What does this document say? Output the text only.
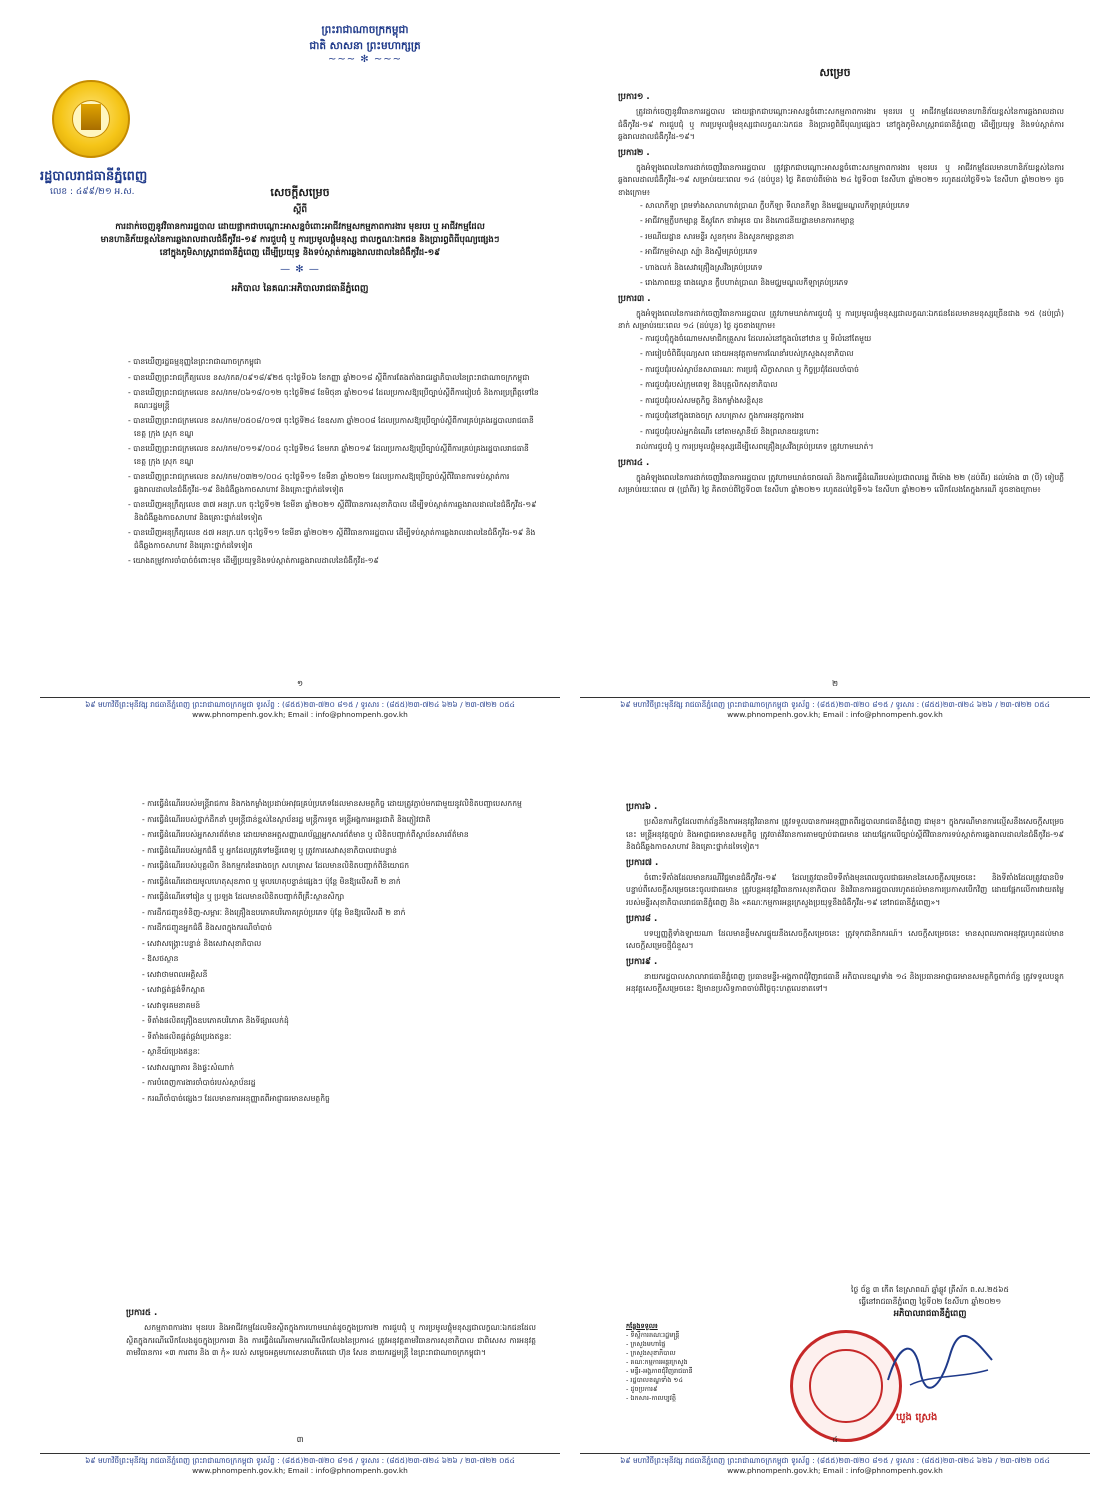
ព្រះរាជាណាចក្រកម្ពុជា
ជាតិ សាសនា ព្រះមហាក្សត្រ
~~~ ✻ ~~~
រដ្ឋបាលរាជធានីភ្នំពេញ
លេខ : ៤៩៩/២១ អ.ស.	សេចក្តីសម្រេច
ស្តីពី
ការដាក់ចេញនូវវិធានការរដ្ឋបាល ដោយផ្អាកជាបណ្តោះអាសន្នចំពោះអាជីវកម្មសកម្មភាពការងារ មុខរបរ ឬ អាជីវកម្មដែលមានហានិភ័យខ្ពស់នៃការឆ្លងរាលដាលជំងឺកូវីដ-១៩ ការជួបជុំ ឬ ការប្រមូលផ្តុំមនុស្ស ជាលក្ខណៈ​ឯកជន និងប្រារព្ធពិធីបុណ្យផ្សេងៗ នៅក្នុងភូមិសាស្ត្ររាជធានីភ្នំពេញ ដើម្បីប្រយុទ្ធ និងទប់ស្កាត់ការឆ្លងរាលដាលនៃជំងឺកូវីដ-១៩
— ✻ —
អភិបាល នៃគណៈអភិបាលរាជធានីភ្នំពេញ
- បានឃើញរដ្ឋធម្មនុញ្ញនៃព្រះរាជាណាចក្រកម្ពុជា
- បានឃើញព្រះរាជក្រឹត្យលេខ នស/រកត/០៩១៨/៩២៥ ចុះថ្ងៃទី០៦ ខែកញ្ញា ឆ្នាំ២០១៨ ស្តីពីការតែងតាំងរាជរដ្ឋាភិបាលនៃព្រះរាជាណាចក្រកម្ពុជា
- បានឃើញព្រះរាជក្រមលេខ នស/រកម/០៦១៨/០១២ ចុះថ្ងៃទី២៨ ខែមិថុនា ឆ្នាំ២០១៨ ដែលប្រកាសឱ្យប្រើច្បាប់ស្តីពីការរៀបចំ និងការប្រព្រឹត្តទៅនៃគណៈរដ្ឋមន្ត្រី
- បានឃើញព្រះរាជក្រមលេខ នស/រកម/០៥០៨/០១៧ ចុះថ្ងៃទី២៤ ខែឧសភា ឆ្នាំ២០០៨ ដែលប្រកាសឱ្យប្រើច្បាប់ស្តីពីការគ្រប់គ្រងរដ្ឋបាលរាជធានី ខេត្ត ក្រុង ស្រុក ខណ្ឌ
- បានឃើញព្រះរាជក្រមលេខ នស/រកម/០១១៩/០០៤ ចុះថ្ងៃទី២៤ ខែមករា ឆ្នាំ២០១៩ ដែលប្រកាសឱ្យប្រើច្បាប់ស្តីពីការគ្រប់គ្រងរដ្ឋបាលរាជធានី ខេត្ត ក្រុង ស្រុក ខណ្ឌ
- បានឃើញព្រះរាជក្រមលេខ នស/រកម/០៣២១/០០៤ ចុះថ្ងៃទី១១ ខែមីនា ឆ្នាំ២០២១ ដែលប្រកាសឱ្យប្រើច្បាប់ស្តីពីវិធានការទប់ស្កាត់ការឆ្លងរាលដាលនៃជំងឺកូវីដ-១៩ និងជំងឺឆ្លងកាចសាហាវ និងគ្រោះថ្នាក់ដទៃទៀត
- បានឃើញអនុក្រឹត្យលេខ ៣៧ អនក្រ.បក ចុះថ្ងៃទី១២ ខែមីនា ឆ្នាំ២០២១ ស្តីពីវិធានការសុខាភិបាល ដើម្បីទប់ស្កាត់ការឆ្លងរាលដាលនៃជំងឺកូវីដ-១៩ និងជំងឺឆ្លងកាចសាហាវ និងគ្រោះថ្នាក់ដទៃទៀត
- បានឃើញអនុក្រឹត្យលេខ ៥៧ អនក្រ.បក ចុះថ្ងៃទី១១ ខែមីនា ឆ្នាំ២០២១ ស្តីពីវិធានការរដ្ឋបាល ដើម្បីទប់ស្កាត់ការឆ្លងរាលដាលនៃជំងឺកូវីដ-១៩ និងជំងឺឆ្លងកាចសាហាវ និងគ្រោះថ្នាក់ដទៃទៀត
- យោងតម្រូវការចាំបាច់ចំពោះមុខ ដើម្បីប្រយុទ្ធនិងទប់ស្កាត់ការឆ្លងរាលដាលនៃជំងឺកូវីដ-១៩
១
៦៩ មហាវិថីព្រះមុនីវង្ស រាជធានីភ្នំពេញ ព្រះរាជាណាចក្រកម្ពុជា ទូរស័ព្ទ : (៨៥៥)២៣-៧២០ ៨១៥ / ទូរសារ : (៨៥៥)២៣-៧២៤ ៦២៦ / ២៣-៧២២ ០៥៤
www.phnompenh.gov.kh; Email : info@phnompenh.gov.kh
សម្រេច
ប្រការ១ .
ត្រូវដាក់ចេញនូវវិធានការរដ្ឋបាល ដោយផ្អាកជាបណ្តោះអាសន្នចំពោះសកម្មភាពការងារ មុខរបរ ឬ អាជីវកម្មដែលមានហានិភ័យខ្ពស់នៃការឆ្លងរាលដាលជំងឺកូវីដ-១៩ ការជួបជុំ ឬ ការប្រមូលផ្តុំមនុស្សជាលក្ខណៈឯកជន និងប្រារព្ធពិធីបុណ្យផ្សេងៗ នៅក្នុងភូមិសាស្ត្ររាជធានីភ្នំពេញ ដើម្បីប្រយុទ្ធ និងទប់ស្កាត់ការឆ្លងរាលដាលជំងឺកូវីដ-១៩។
ប្រការ២ .
ក្នុងអំឡុងពេលនៃការដាក់ចេញវិធានការរដ្ឋបាល ត្រូវផ្អាកជាបណ្តោះអាសន្នចំពោះសកម្មភាពការងារ មុខរបរ ឬ អាជីវកម្មដែលមានហានិភ័យខ្ពស់នៃការឆ្លងរាលដាលជំងឺកូវីដ-១៩ សម្រាប់រយៈពេល ១៤ (ដប់បួន) ថ្ងៃ គិតចាប់ពីម៉ោង ២៤ ថ្ងៃទី០៣ ខែសីហា ឆ្នាំ២០២១ រហូតដល់ថ្ងៃទី១៦ ខែសីហា ឆ្នាំ២០២១ ដូចខាងក្រោម៖
- សាលាកីឡា ព្រមទាំងសាលាហាត់ប្រាណ ក្លឹបកីឡា ទីលានកីឡា និងមជ្ឈមណ្ឌលកីឡាគ្រប់ប្រភេទ
- អាជីវកម្មក្លឹបកម្សាន្ត ឌីស្កូតែក ខារ៉ាអូខេ បារ និងភោជនីយដ្ឋានមានការកម្សាន្ត
- រមណីយដ្ឋាន សារមន្ទីរ សួនកុមារ និងសួនកម្សាន្តនានា
- អាជីវកម្មម៉ាស្សា ស្ប៉ា និងស្ទីមគ្រប់ប្រភេទ
- ហាងលក់ និងសេវាគ្រឿងស្រវឹងគ្រប់ប្រភេទ
- រោងភាពយន្ត រោងល្ខោន ក្លឹបហាត់ប្រាណ និងមជ្ឈមណ្ឌលកីឡាគ្រប់ប្រភេទ
ប្រការ៣ .
ក្នុងអំឡុងពេលនៃការដាក់ចេញវិធានការរដ្ឋបាល ត្រូវហាមឃាត់ការជួបជុំ ឬ ការប្រមូលផ្តុំមនុស្សជាលក្ខណៈឯកជនដែលមានមនុស្សច្រើនជាង ១៥ (ដប់ប្រាំ) នាក់ សម្រាប់រយៈពេល ១៤ (ដប់បួន) ថ្ងៃ ដូចខាងក្រោម៖
- ការជួបជុំក្នុងចំណោមសមាជិកគ្រួសារ ដែលរស់នៅក្នុងលំនៅឋាន ឬ ទីលំនៅតែមួយ
- ការរៀបចំពិធីបុណ្យសព ដោយអនុវត្តតាមការណែនាំរបស់ក្រសួងសុខាភិបាល
- ការជួបជុំរបស់ស្ថាប័នសាធារណៈ ការប្រជុំ សិក្ខាសាលា ឬ កិច្ចប្រជុំដែលចាំបាច់
- ការជួបជុំរបស់ក្រុមពេទ្យ និងបុគ្គលិកសុខាភិបាល
- ការជួបជុំរបស់សមត្ថកិច្ច និងកម្លាំងសន្តិសុខ
- ការជួបជុំនៅក្នុងរោងចក្រ សហគ្រាស ក្នុងការអនុវត្តការងារ
- ការជួបជុំរបស់អ្នកដំណើរ នៅតាមស្ថានីយ៍ និងព្រលានយន្តហោះ
រាល់ការជួបជុំ ឬ ការប្រមូលផ្តុំមនុស្សដើម្បីសេពគ្រឿងស្រវឹងគ្រប់ប្រភេទ ត្រូវហាមឃាត់។
ប្រការ៤ .
ក្នុងអំឡុងពេលនៃការដាក់ចេញវិធានការរដ្ឋបាល ត្រូវហាមឃាត់ចរាចរណ៍ និងការធ្វើដំណើររបស់ប្រជាពលរដ្ឋ ពីម៉ោង ២២ (ដប់ពីរ) ដល់ម៉ោង ៣ (បី) ទៀបភ្លឺ សម្រាប់រយៈពេល ៧ (ប្រាំពីរ) ថ្ងៃ គិតចាប់ពីថ្ងៃទី០៣ ខែសីហា ឆ្នាំ២០២១ រហូតដល់ថ្ងៃទី១៦ ខែសីហា ឆ្នាំ២០២១ លើកលែងតែក្នុងករណី ដូចខាងក្រោម៖
២
៦៩ មហាវិថីព្រះមុនីវង្ស រាជធានីភ្នំពេញ ព្រះរាជាណាចក្រកម្ពុជា ទូរស័ព្ទ : (៨៥៥)២៣-៧២០ ៨១៥ / ទូរសារ : (៨៥៥)២៣-៧២៤ ៦២៦ / ២៣-៧២២ ០៥៤
www.phnompenh.gov.kh; Email : info@phnompenh.gov.kh
- ការធ្វើដំណើររបស់មន្ត្រីរាជការ និងកងកម្លាំងប្រដាប់អាវុធគ្រប់ប្រភេទដែលមានសមត្ថកិច្ច ដោយត្រូវភ្ជាប់មកជាមួយនូវលិខិតបញ្ជាបេសកកម្ម
- ការធ្វើដំណើររបស់ថ្នាក់ដឹកនាំ ឬមន្ត្រីជាន់ខ្ពស់នៃស្ថាប័នរដ្ឋ មន្ត្រីការទូត មន្ត្រីអង្គការអន្តរជាតិ និងភ្ញៀវជាតិ
- ការធ្វើដំណើររបស់អ្នកសារព័ត៌មាន ដោយមានអត្តសញ្ញាណប័ណ្ណអ្នកសារព័ត៌មាន ឬ លិខិតបញ្ជាក់ពីស្ថាប័នសារព័ត៌មាន
- ការធ្វើដំណើររបស់អ្នកជំងឺ ឬ អ្នកដែលត្រូវទៅមន្ទីរពេទ្យ ឬ ត្រូវការសេវាសុខាភិបាលជាបន្ទាន់
- ការធ្វើដំណើររបស់បុគ្គលិក និងកម្មករនៃរោងចក្រ សហគ្រាស ដែលមានលិខិតបញ្ជាក់ពីនិយោជក
- ការធ្វើដំណើរដោយមូលហេតុសុខភាព ឬ មូលហេតុបន្ទាន់ផ្សេងៗ ប៉ុន្តែ មិនឱ្យលើសពី ២ នាក់
- ការធ្វើដំណើរទៅរៀន ឬ ប្រឡង ដែលមានលិខិតបញ្ជាក់ពីគ្រឹះស្ថានសិក្សា
- ការដឹកជញ្ជូនទំនិញ-សម្ភារៈ និងគ្រឿងឧបភោគបរិភោគគ្រប់ប្រភេទ ប៉ុន្តែ មិនឱ្យលើសពី ២ នាក់
- ការដឹកជញ្ជូនអ្នកជំងឺ និងសពក្នុងករណីចាំបាច់
- សេវាសង្គ្រោះបន្ទាន់ និងសេវាសុខាភិបាល
- ឱសថស្ថាន
- សេវាថាមពលអគ្គិសនី
- សេវាផ្គត់ផ្គង់ទឹកស្អាត
- សេវាទូរគមនាគមន៍
- ទីតាំងផលិតគ្រឿងឧបភោគបរិភោគ និងទីផ្សារលក់ដុំ
- ទីតាំងផលិតផ្គត់ផ្គង់ប្រេងឥន្ធនៈ
- ស្ថានីយ៍ប្រេងឥន្ធនៈ
- សេវាសណ្ឋាគារ និងផ្ទះសំណាក់
- ការបំពេញការងារចាំបាច់របស់ស្ថាប័នរដ្ឋ
- ករណីចាំបាច់ផ្សេងៗ ដែលមានការអនុញ្ញាតពីអាជ្ញាធរមានសមត្ថកិច្ច
ប្រការ៥ .
សកម្មភាពការងារ មុខរបរ និងអាជីវកម្មដែលមិនស្ថិតក្នុងការហាមឃាត់ដូចក្នុងប្រការ២ ការជួបជុំ ឬ ការប្រមូលផ្តុំមនុស្សជាលក្ខណៈឯកជនដែលស្ថិតក្នុងករណីលើកលែងដូចក្នុងប្រការ៣ និង ការធ្វើដំណើរតាមករណីលើកលែងនៃប្រការ៤ ត្រូវអនុវត្តតាមវិធានការសុខាភិបាល ជាពិសេស ការអនុវត្តតាមវិធានការ «៣ ការពារ និង ៣ កុំ» របស់ សម្តេចអគ្គមហាសេនាបតីតេជោ ហ៊ុន សែន នាយករដ្ឋមន្ត្រី នៃព្រះរាជាណាចក្រកម្ពុជា។
៣
៦៩ មហាវិថីព្រះមុនីវង្ស រាជធានីភ្នំពេញ ព្រះរាជាណាចក្រកម្ពុជា ទូរស័ព្ទ : (៨៥៥)២៣-៧២០ ៨១៥ / ទូរសារ : (៨៥៥)២៣-៧២៤ ៦២៦ / ២៣-៧២២ ០៥៤
www.phnompenh.gov.kh; Email : info@phnompenh.gov.kh
ប្រការ៦ .
ប្រសិនការកិច្ចដែលពាក់ព័ន្ធនឹងការអនុវត្តវិធានការ ត្រូវទទួលបានការអនុញ្ញាតពីរដ្ឋបាលរាជធានីភ្នំពេញ ជាមុន។ ក្នុងករណីមានការល្មើសនឹងសេចក្តីសម្រេចនេះ មន្ត្រីអនុវត្តច្បាប់ និងអាជ្ញាធរមានសមត្ថកិច្ច ត្រូវចាត់វិធានការតាមច្បាប់ជាធរមាន ដោយផ្អែកលើច្បាប់ស្តីពីវិធានការទប់ស្កាត់ការឆ្លងរាលដាលនៃជំងឺកូវីដ-១៩ និងជំងឺឆ្លងកាចសាហាវ និងគ្រោះថ្នាក់ដទៃទៀត។
ប្រការ៧ .
ចំពោះទីតាំងដែលមានករណីវិជ្ជមានជំងឺកូវីដ-១៩ ដែលត្រូវបានបិទទីតាំងមុនពេលចូលជាធរមាននៃសេចក្តីសម្រេចនេះ និងទីតាំងដែលត្រូវបានបិទបន្ទាប់ពីសេចក្តីសម្រេចនេះចូលជាធរមាន ត្រូវបន្តអនុវត្តវិធានការសុខាភិបាល និងវិធានការរដ្ឋបាលរហូតដល់មានការប្រកាសបើកវិញ ដោយផ្អែកលើការវាយតម្លៃរបស់មន្ទីរសុខាភិបាលរាជធានីភ្នំពេញ និង «គណៈកម្មការអន្តរក្រសួងប្រយុទ្ធនឹងជំងឺកូវីដ-១៩ នៅរាជធានីភ្នំពេញ»។
ប្រការ៨ .
បទប្បញ្ញត្តិទាំងឡាយណា ដែលមានខ្លឹមសារផ្ទុយនឹងសេចក្តីសម្រេចនេះ ត្រូវទុកជានិរាករណ៍។ សេចក្តីសម្រេចនេះ មានសុពលភាពអនុវត្តរហូតដល់មានសេចក្តីសម្រេចថ្មីជំនួស។
ប្រការ៩ .
នាយករដ្ឋបាលសាលារាជធានីភ្នំពេញ ប្រធានមន្ទីរ-អង្គភាពជុំវិញរាជធានី អភិបាលខណ្ឌទាំង ១៤ និងប្រធានអាជ្ញាធរមានសមត្ថកិច្ចពាក់ព័ន្ធ ត្រូវទទួលបន្ទុកអនុវត្តសេចក្តីសម្រេចនេះ ឱ្យមានប្រសិទ្ធភាពចាប់ពីថ្ងៃចុះហត្ថលេខាតទៅ។
ថ្ងៃ ច័ន្ទ ៣ កើត ខែស្រាពណ៍ ឆ្នាំឆ្លូវ ត្រីស័ក ព.ស.២៥៦៥
ធ្វើនៅរាជធានីភ្នំពេញ ថ្ងៃទី០២ ខែសីហា ឆ្នាំ២០២១
អភិបាលរាជធានីភ្នំពេញ
កន្លែងទទួល៖
- ទីស្តីការគណៈរដ្ឋមន្ត្រី
- ក្រសួងមហាផ្ទៃ
- ក្រសួងសុខាភិបាល
- គណៈកម្មការអន្តរក្រសួង
- មន្ទីរ-អង្គភាពជុំវិញរាជធានី
- រដ្ឋបាលខណ្ឌទាំង ១៤
- ដូចប្រការ៩
- ឯកសារ-កាលប្បវត្តិ
ឃួង ស្រេង
៤
៦៩ មហាវិថីព្រះមុនីវង្ស រាជធានីភ្នំពេញ ព្រះរាជាណាចក្រកម្ពុជា ទូរស័ព្ទ : (៨៥៥)២៣-៧២០ ៨១៥ / ទូរសារ : (៨៥៥)២៣-៧២៤ ៦២៦ / ២៣-៧២២ ០៥៤
www.phnompenh.gov.kh; Email : info@phnompenh.gov.kh
